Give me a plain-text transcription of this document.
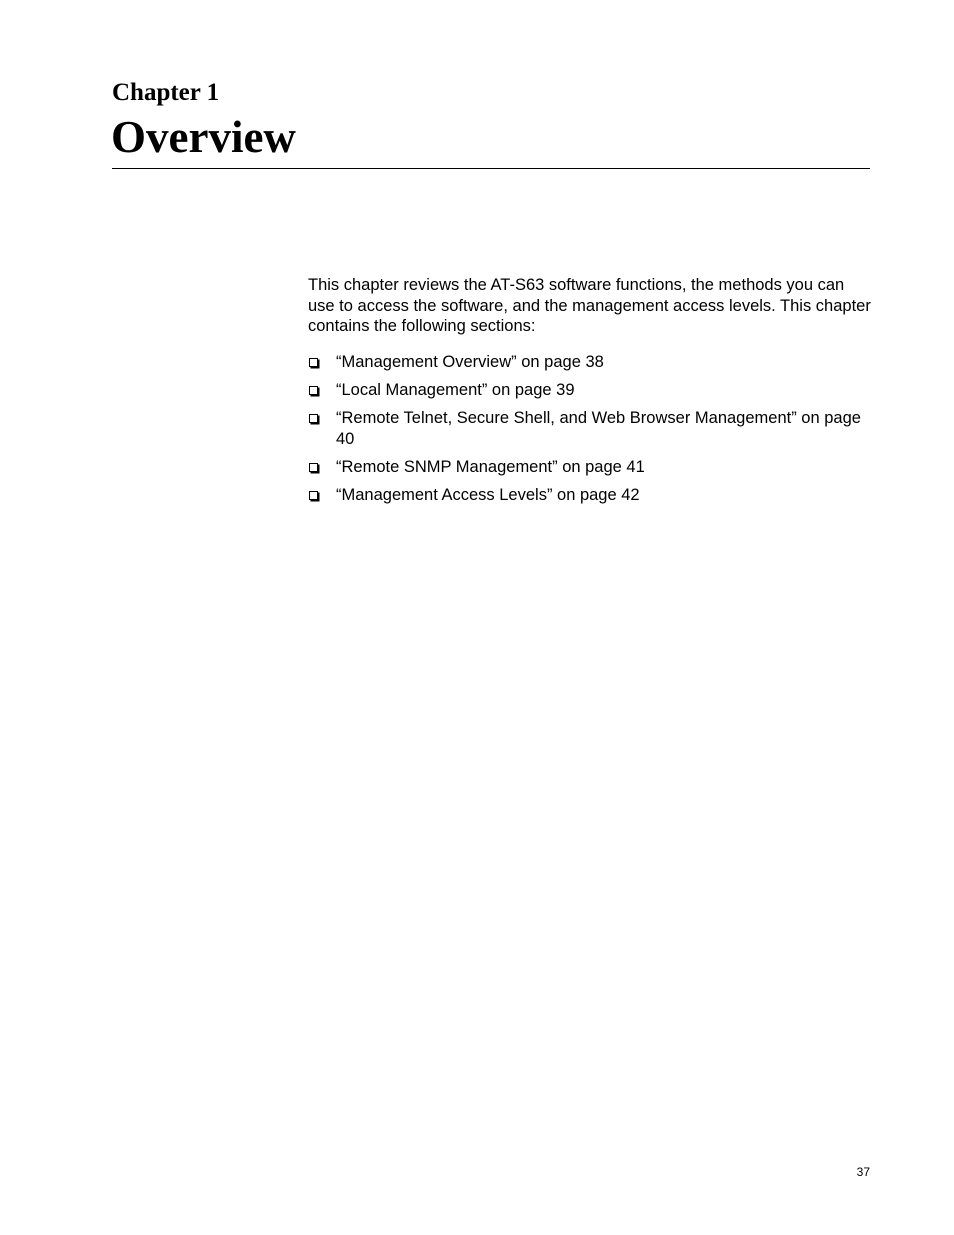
Chapter 1
Overview

This chapter reviews the AT-S63 software functions, the methods you can use to access the software, and the management access levels. This chapter contains the following sections:

“Management Overview” on page 38
“Local Management” on page 39
“Remote Telnet, Secure Shell, and Web Browser Management” on page 40
“Remote SNMP Management” on page 41
“Management Access Levels” on page 42

37
